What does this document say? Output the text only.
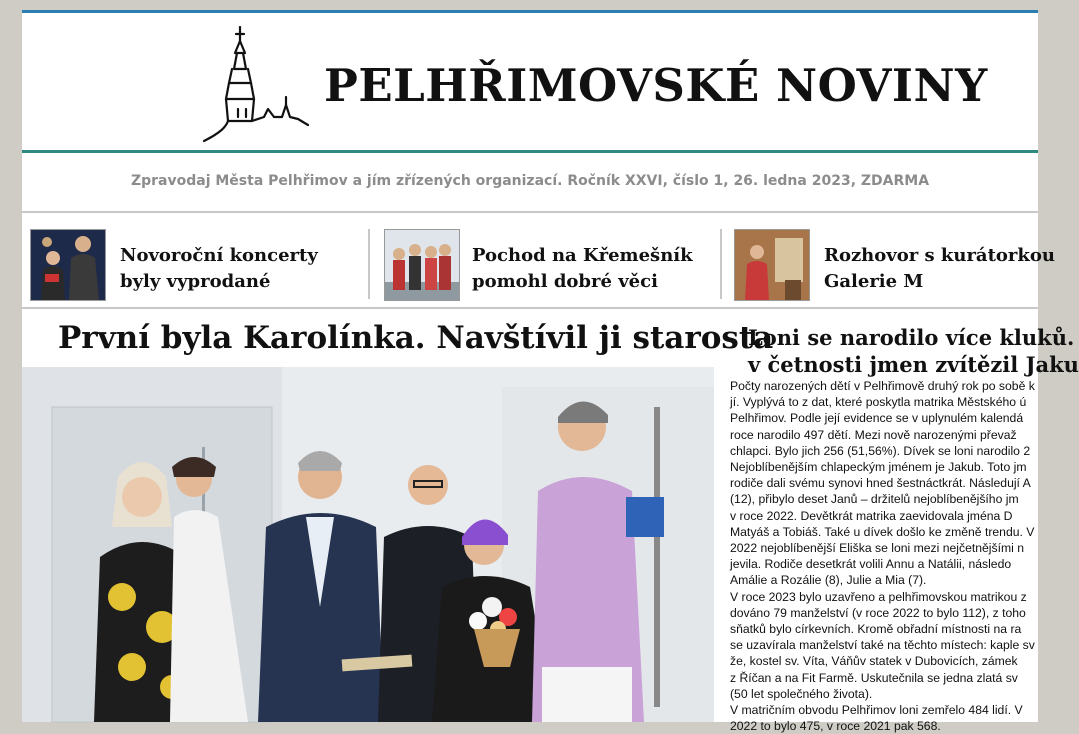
PELHŘIMOVSKÉ NOVINY
Zpravodaj Města Pelhřimov a jím zřízených organizací. Ročník XXVI, číslo 1, 26. ledna 2023, ZDARMA
Novoroční koncerty
byly vyprodané
Pochod na Křemešník
pomohl dobré věci
Rozhovor s kurátorkou
Galerie M
První byla Karolínka. Navštívil ji starosta
Loni se narodilo více kluků.
v četnosti jmen zvítězil Jaku

Počty narozených dětí v Pelhřimově druhý rok po sobě k

jí. Vyplývá to z dat, které poskytla matrika Městského ú

Pelhřimov. Podle její evidence se v uplynulém kalendá

roce narodilo 497 dětí. Mezi nově narozenými převaž

chlapci. Bylo jich 256 (51,56%). Dívek se loni narodilo 2

Nejoblíbenějším chlapeckým jménem je Jakub. Toto jm

rodiče dali svému synovi hned šestnáctkrát. Následují A

(12), přibylo deset Janů – držitelů nejoblíbenějšího jm

v roce 2022. Devětkrát matrika zaevidovala jména D

Matyáš a Tobiáš. Také u dívek došlo ke změně trendu. V

2022 nejoblíbenější Eliška se loni mezi nejčetnějšími n

jevila. Rodiče desetkrát volili Annu a Natálii, následo

Amálie a Rozálie (8), Julie a Mia (7).

V roce 2023 bylo uzavřeno a pelhřimovskou matrikou z

dováno 79 manželství (v roce 2022 to bylo 112), z toho

sňatků bylo církevních. Kromě obřadní místnosti na ra

se uzavírala manželství také na těchto místech: kaple sv

že, kostel sv. Víta, Váňův statek v Dubovicích, zámek

z Říčan a na Fit Farmě. Uskutečnila se jedna zlatá sv

(50 let společného života).

V matričním obvodu Pelhřimov loni zemřelo 484 lidí. V

2022 to bylo 475, v roce 2021 pak 568.
